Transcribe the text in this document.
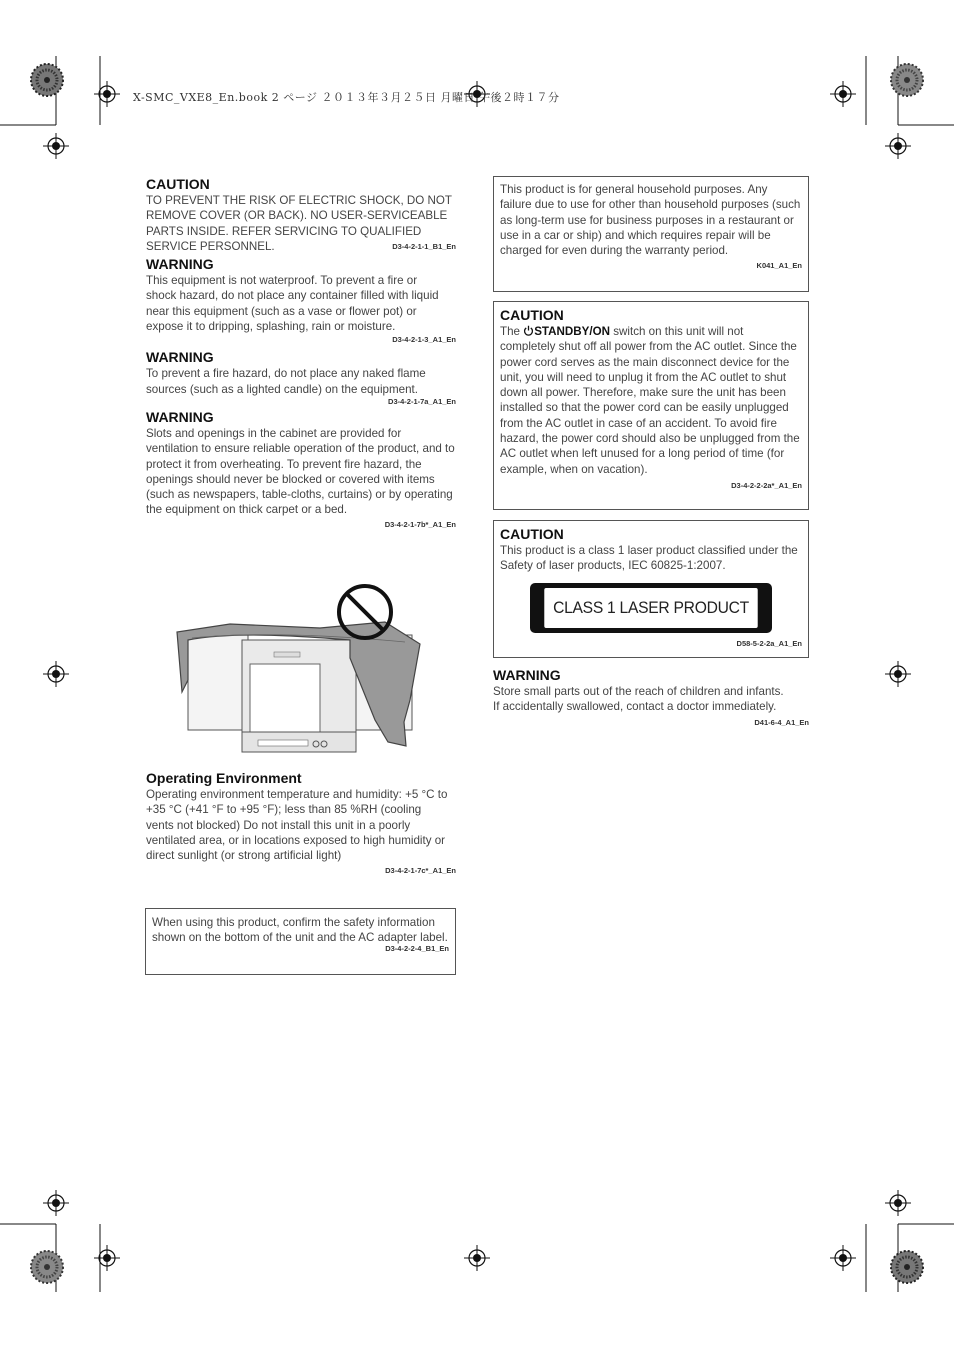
X-SMC_VXE8_En.book 2 ページ ２０１３年３月２５日 月曜日 午後２時１７分
CAUTION
TO PREVENT THE RISK OF ELECTRIC SHOCK, DO NOT REMOVE COVER (OR BACK). NO USER-SERVICEABLE PARTS INSIDE. REFER SERVICING TO QUALIFIED SERVICE PERSONNEL.	D3-4-2-1-1_B1_En
WARNING
This equipment is not waterproof. To prevent a fire or shock hazard, do not place any container filled with liquid near this equipment (such as a vase or flower pot) or expose it to dripping, splashing, rain or moisture.
D3-4-2-1-3_A1_En
WARNING
To prevent a fire hazard, do not place any naked flame sources (such as a lighted candle) on the equipment.
D3-4-2-1-7a_A1_En
WARNING
Slots and openings in the cabinet are provided for ventilation to ensure reliable operation of the product, and to protect it from overheating. To prevent fire hazard, the openings should never be blocked or covered with items (such as newspapers, table-cloths, curtains) or by operating the equipment on thick carpet or a bed.
D3-4-2-1-7b*_A1_En
Operating Environment
Operating environment temperature and humidity: +5 °C to +35 °C (+41 °F to +95 °F); less than 85 %RH (cooling vents not blocked) Do not install this unit in a poorly ventilated area, or in locations exposed to high humidity or direct sunlight (or strong artificial light)
D3-4-2-1-7c*_A1_En
When using this product, confirm the safety information shown on the bottom of the unit and the AC adapter label.
D3-4-2-2-4_B1_En
This product is for general household purposes. Any failure due to use for other than household purposes (such as long-term use for business purposes in a restaurant or use in a car or ship) and which requires repair will be charged for even during the warranty period.
K041_A1_En
CAUTION
The STANDBY/ON switch on this unit will not completely shut off all power from the AC outlet. Since the power cord serves as the main disconnect device for the unit, you will need to unplug it from the AC outlet to shut down all power. Therefore, make sure the unit has been installed so that the power cord can be easily unplugged from the AC outlet in case of an accident. To avoid fire hazard, the power cord should also be unplugged from the AC outlet when left unused for a long period of time (for example, when on vacation).
D3-4-2-2-2a*_A1_En
CAUTION
This product is a class 1 laser product classified under the Safety of laser products, IEC 60825-1:2007.
CLASS 1 LASER PRODUCT
D58-5-2-2a_A1_En
WARNING
Store small parts out of the reach of children and infants. If accidentally swallowed, contact a doctor immediately.
D41-6-4_A1_En
